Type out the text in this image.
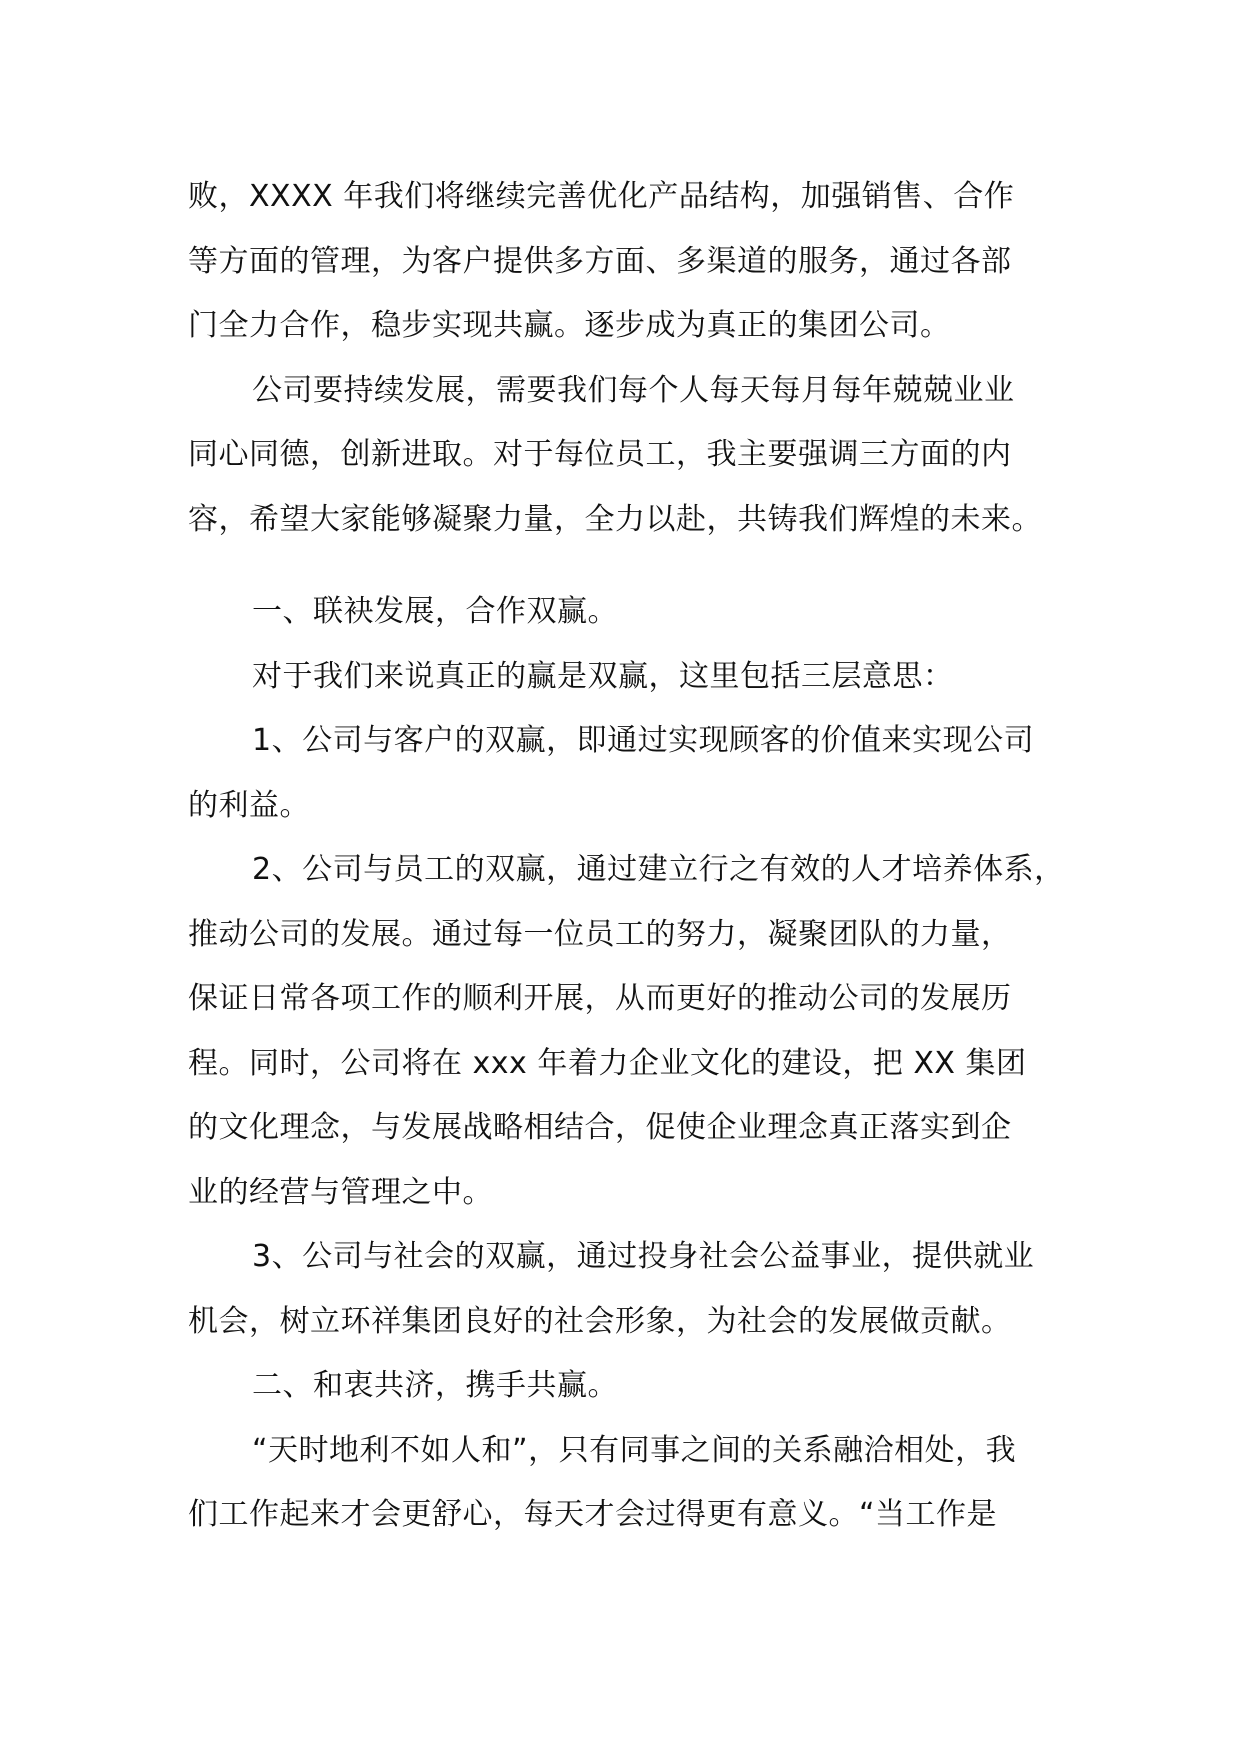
败，XXXX 年我们将继续完善优化产品结构，加强销售、合作
等方面的管理，为客户提供多方面、多渠道的服务，通过各部
门全力合作，稳步实现共赢。逐步成为真正的集团公司。
公司要持续发展，需要我们每个人每天每月每年兢兢业业
同心同德，创新进取。对于每位员工，我主要强调三方面的内
容，希望大家能够凝聚力量，全力以赴，共铸我们辉煌的未来。
一、联袂发展，合作双赢。
对于我们来说真正的赢是双赢，这里包括三层意思：
1、公司与客户的双赢，即通过实现顾客的价值来实现公司
的利益。
2、公司与员工的双赢，通过建立行之有效的人才培养体系，
推动公司的发展。通过每一位员工的努力，凝聚团队的力量，
保证日常各项工作的顺利开展，从而更好的推动公司的发展历
程。同时，公司将在 xxx 年着力企业文化的建设，把 XX 集团
的文化理念，与发展战略相结合，促使企业理念真正落实到企
业的经营与管理之中。
3、公司与社会的双赢，通过投身社会公益事业，提供就业
机会，树立环祥集团良好的社会形象，为社会的发展做贡献。
二、和衷共济，携手共赢。
“天时地利不如人和”，只有同事之间的关系融洽相处，我
们工作起来才会更舒心，每天才会过得更有意义。“当工作是
